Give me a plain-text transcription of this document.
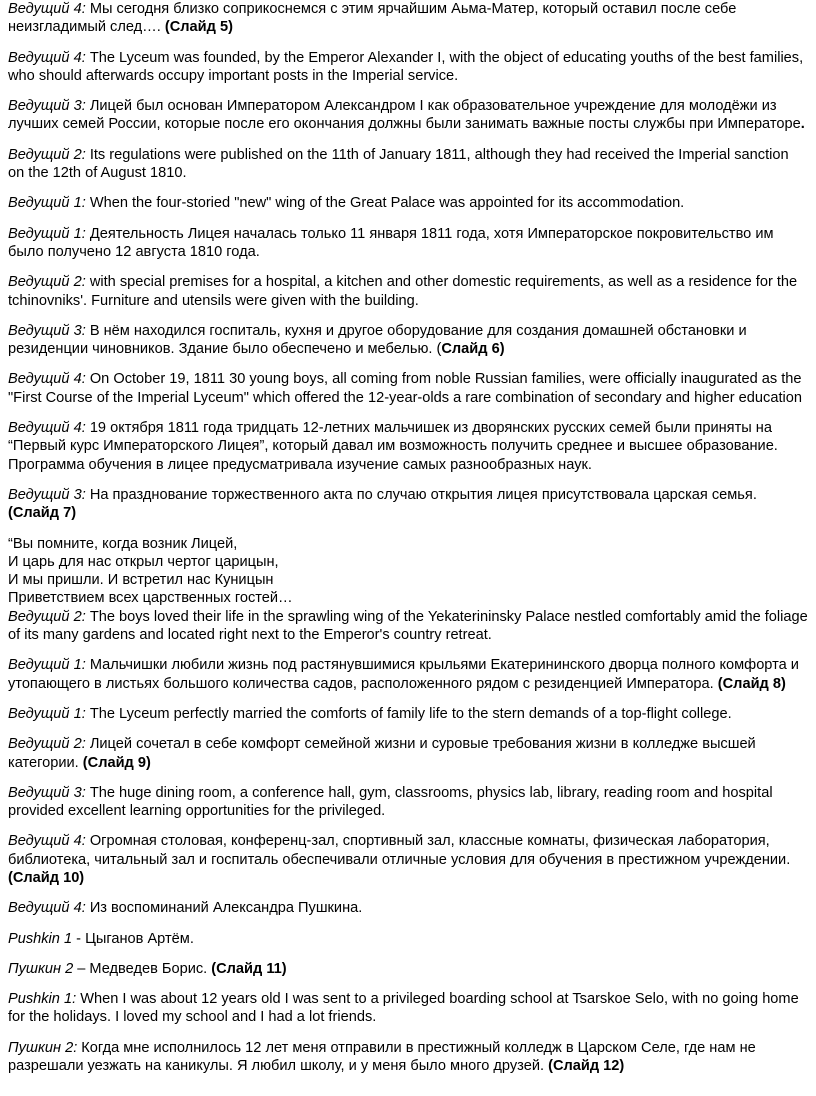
Ведущий 4: Мы сегодня близко соприкоснемся с этим ярчайшим Аьма-Матер, который оставил после себе неизгладимый след…. (Слайд 5)

Ведущий 4: The Lyceum was founded, by the Emperor Alexander I, with the object of educating youths of the best families, who should afterwards occupy important posts in the Imperial service.

Ведущий 3: Лицей был основан Императором Александром I как образовательное учреждение для молодёжи из лучших семей России, которые после его окончания должны были занимать важные посты службы при Императоре.

Ведущий 2: Its regulations were published on the 11th of January 1811, although they had received the Imperial sanction on the 12th of August 1810.

Ведущий 1: When the four-storied "new" wing of the Great Palace was appointed for its accommodation.

Ведущий 1: Деятельность Лицея началась только 11 января 1811 года, хотя Императорское покровительство им было получено 12 августа 1810 года.

Ведущий 2: with special premises for a hospital, a kitchen and other domestic requirements, as well as a residence for the tchinovniks'. Furniture and utensils were given with the building.

Ведущий 3: В нём находился госпиталь, кухня и другое оборудование для создания домашней обстановки и резиденции чиновников. Здание было обеспечено и мебелью. (Слайд 6)

Ведущий 4: On October 19, 1811 30 young boys, all coming from noble Russian families, were officially inaugurated as the "First Course of the Imperial Lyceum" which offered the 12-year-olds a rare combination of secondary and higher education

Ведущий 4: 19 октября 1811 года тридцать 12-летних мальчишек из дворянских русских семей были приняты на “Первый курс Императорского Лицея”, который давал им возможность получить среднее и высшее образование. Программа обучения в лицее предусматривала изучение самых разнообразных наук.

Ведущий 3: На празднование торжественного акта по случаю открытия лицея присутствовала царская семья. (Слайд 7)

“Вы помните, когда возник Лицей,
И царь для нас открыл чертог царицын,
И мы пришли. И встретил нас Куницын
Приветствием всех царственных гостей…

Ведущий 2: The boys loved their life in the sprawling wing of the Yekaterininsky Palace nestled comfortably amid the foliage of its many gardens and located right next to the Emperor's country retreat.

Ведущий 1: Мальчишки любили жизнь под растянувшимися крыльями Екатерининского дворца полного комфорта и утопающего в листьях большого количества садов, расположенного рядом с резиденцией Императора. (Слайд 8)

Ведущий 1: The Lyceum perfectly married the comforts of family life to the stern demands of a top-flight college.

Ведущий 2: Лицей сочетал в себе комфорт семейной жизни и суровые требования жизни в колледже высшей категории. (Слайд 9)

Ведущий 3: The huge dining room, a conference hall, gym, classrooms, physics lab, library, reading room and hospital provided excellent learning opportunities for the privileged.

Ведущий 4: Огромная столовая, конференц-зал, спортивный зал, классные комнаты, физическая лаборатория, библиотека, читальный зал и госпиталь обеспечивали отличные условия для обучения в престижном учреждении. (Слайд 10)

Ведущий 4: Из воспоминаний Александра Пушкина.

Pushkin 1 - Цыганов Артём.

Пушкин 2 – Медведев Борис. (Слайд 11)

Pushkin 1: When I was about 12 years old I was sent to a privileged boarding school at Tsarskoe Selo, with no going home for the holidays. I loved my school and I had a lot friends.

Пушкин 2: Когда мне исполнилось 12 лет меня отправили в престижный колледж в Царском Селе, где нам не разрешали уезжать на каникулы. Я любил школу, и у меня было много друзей. (Слайд 12)
